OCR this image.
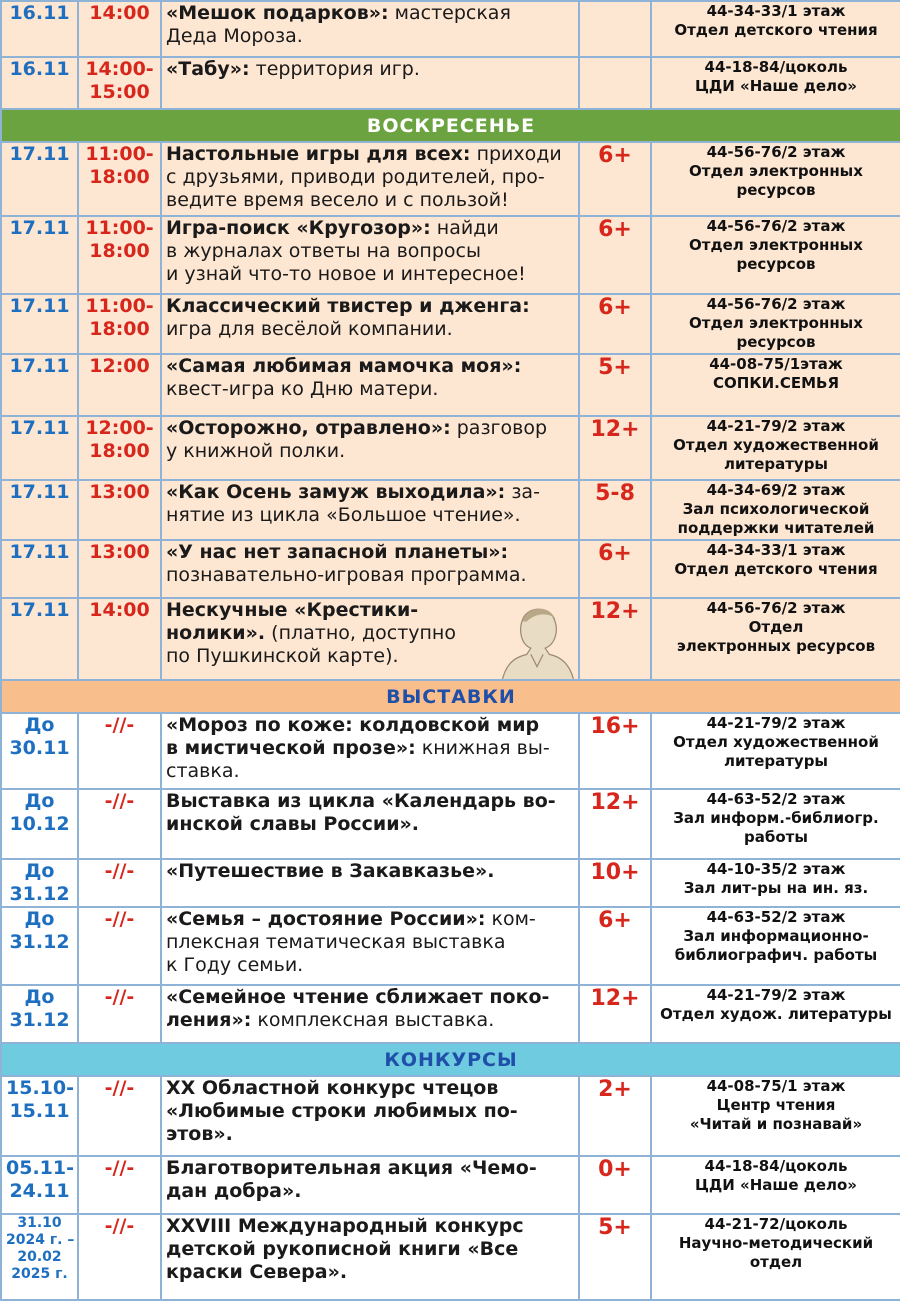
16.11	14:00	«Мешок подарков»: мастерская
Деда Мороза.		44-34-33/1 этаж
Отдел детского чтения

16.11	14:00-
15:00	«Табу»: территория игр.		44-18-84/цоколь
ЦДИ «Наше дело»

ВОСКРЕСЕНЬЕ				

17.11	11:00-
18:00	Настольные игры для всех: приходи
с друзьями, приводи родителей, про-
ведите время весело и с пользой!	6+	44-56-76/2 этаж
Отдел электронных
ресурсов

17.11	11:00-
18:00	Игра-поиск «Кругозор»: найди
в журналах ответы на вопросы
и узнай что-то новое и интересное!	6+	44-56-76/2 этаж
Отдел электронных
ресурсов

17.11	11:00-
18:00	Классический твистер и дженга:
игра для весёлой компании.	6+	44-56-76/2 этаж
Отдел электронных
ресурсов

17.11	12:00	«Самая любимая мамочка моя»:
квест-игра ко Дню матери.	5+	44-08-75/1этаж
СОПКИ.СЕМЬЯ

17.11	12:00-
18:00	«Осторожно, отравлено»: разговор
у книжной полки.	12+	44-21-79/2 этаж
Отдел художественной
литературы

17.11	13:00	«Как Осень замуж выходила»: за-
нятие из цикла «Большое чтение».	5-8	44-34-69/2 этаж
Зал психологической
поддержки читателей

17.11	13:00	«У нас нет запасной планеты»:
познавательно-игровая программа.	6+	44-34-33/1 этаж
Отдел детского чтения

17.11	14:00	Нескучные «Крестики-
нолики». (платно, доступно
по Пушкинской карте).	12+	44-56-76/2 этаж
Отдел
электронных ресурсов

ВЫСТАВКИ				

До
30.11	-//-	«Мороз по коже: колдовской мир
в мистической прозе»: книжная вы-
ставка.	16+	44-21-79/2 этаж
Отдел художественной
литературы

До
10.12	-//-	Выставка из цикла «Календарь во-
инской славы России».	12+	44-63-52/2 этаж
Зал информ.-библиогр.
работы

До
31.12	-//-	«Путешествие в Закавказье».	10+	44-10-35/2 этаж
Зал лит-ры на ин. яз.

До
31.12	-//-	«Семья – достояние России»: ком-
плексная тематическая выставка
к Году семьи.	6+	44-63-52/2 этаж
Зал информационно-
библиографич. работы

До
31.12	-//-	«Семейное чтение сближает поко-
ления»: комплексная выставка.	12+	44-21-79/2 этаж
Отдел худож. литературы

КОНКУРСЫ				

15.10-
15.11	-//-	XX Областной конкурс чтецов
«Любимые строки любимых по-
этов».	2+	44-08-75/1 этаж
Центр чтения
«Читай и познавай»

05.11-
24.11	-//-	Благотворительная акция «Чемо-
дан добра».	0+	44-18-84/цоколь
ЦДИ «Наше дело»

31.10
2024 г. –
20.02
2025 г.	-//-	XXVIII Международный конкурс
детской рукописной книги «Все
краски Севера».	5+	44-21-72/цоколь
Научно-методический
отдел
